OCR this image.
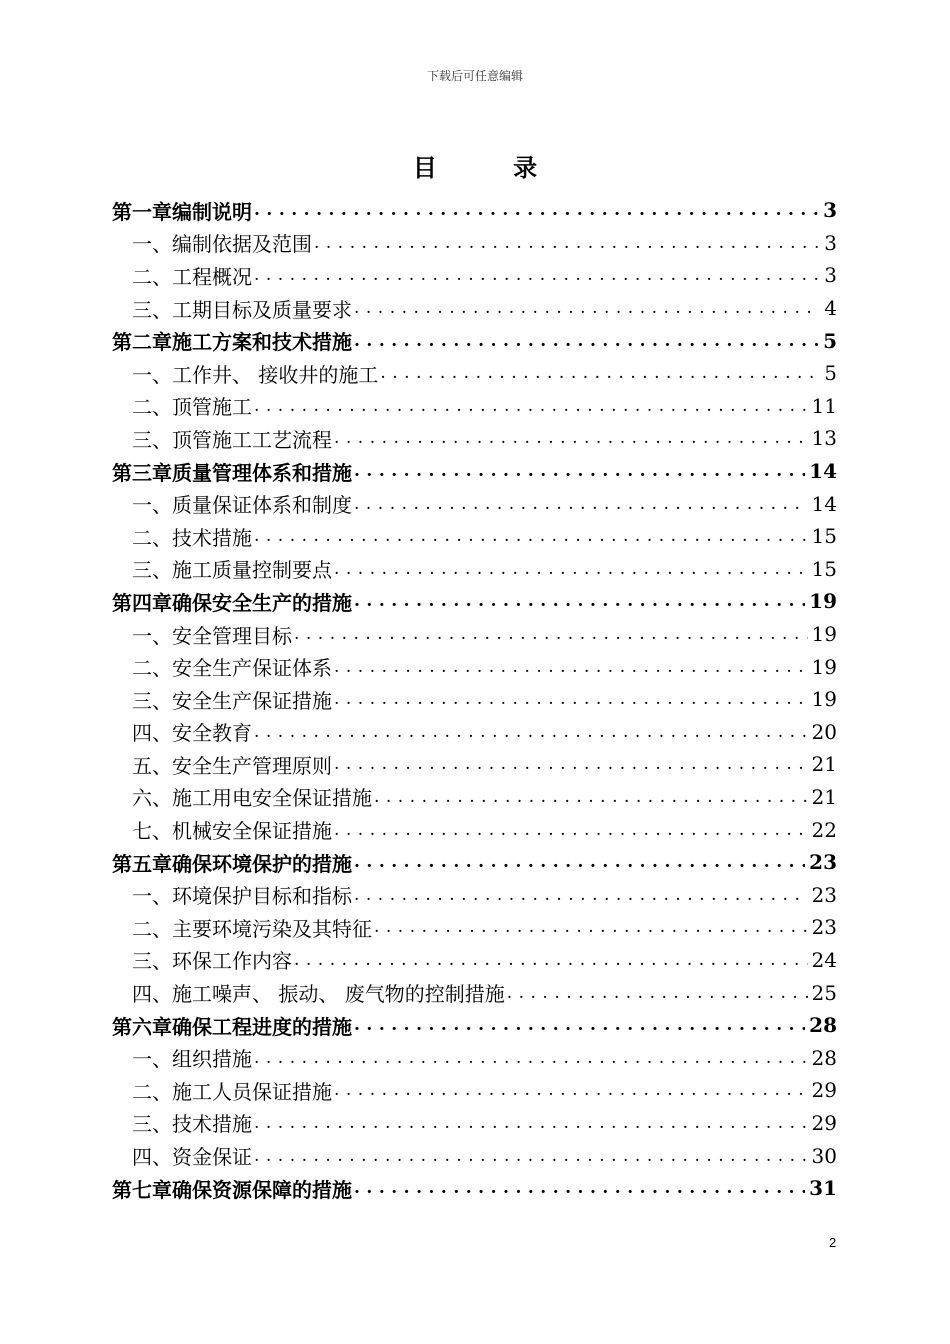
下载后可任意编辑
目 录
第一章 编制说明 .....	3
一、 编制依据及范围 .....	3
二、 工程概况 .....	3
三、 工期目标及质量要求 .....	4
第二章 施工方案和技术措施 .....	5
一、 工作井、 接收井的施工 .....	5
二、 顶管施工 .....	11
三、 顶管施工工艺流程 .....	13
第三章 质量管理体系和措施 .....	14
一、 质量保证体系和制度 .....	14
二、 技术措施 .....	15
三、 施工质量控制要点 .....	15
第四章 确保安全生产的措施 .....	19
一、 安全管理目标 .....	19
二、 安全生产保证体系 .....	19
三、 安全生产保证措施 .....	19
四、 安全教育 .....	20
五、 安全生产管理原则 .....	21
六、 施工用电安全保证措施 .....	21
七、 机械安全保证措施 .....	22
第五章 确保环境保护的措施 .....	23
一、 环境保护目标和指标 .....	23
二、 主要环境污染及其特征 .....	23
三、 环保工作内容 .....	24
四、 施工噪声、 振动、 废气物的控制措施 .....	25
第六章 确保工程进度的措施 .....	28
一、 组织措施 .....	28
二、 施工人员保证措施 .....	29
三、 技术措施 .....	29
四、 资金保证 .....	30
第七章 确保资源保障的措施 .....	31
2
